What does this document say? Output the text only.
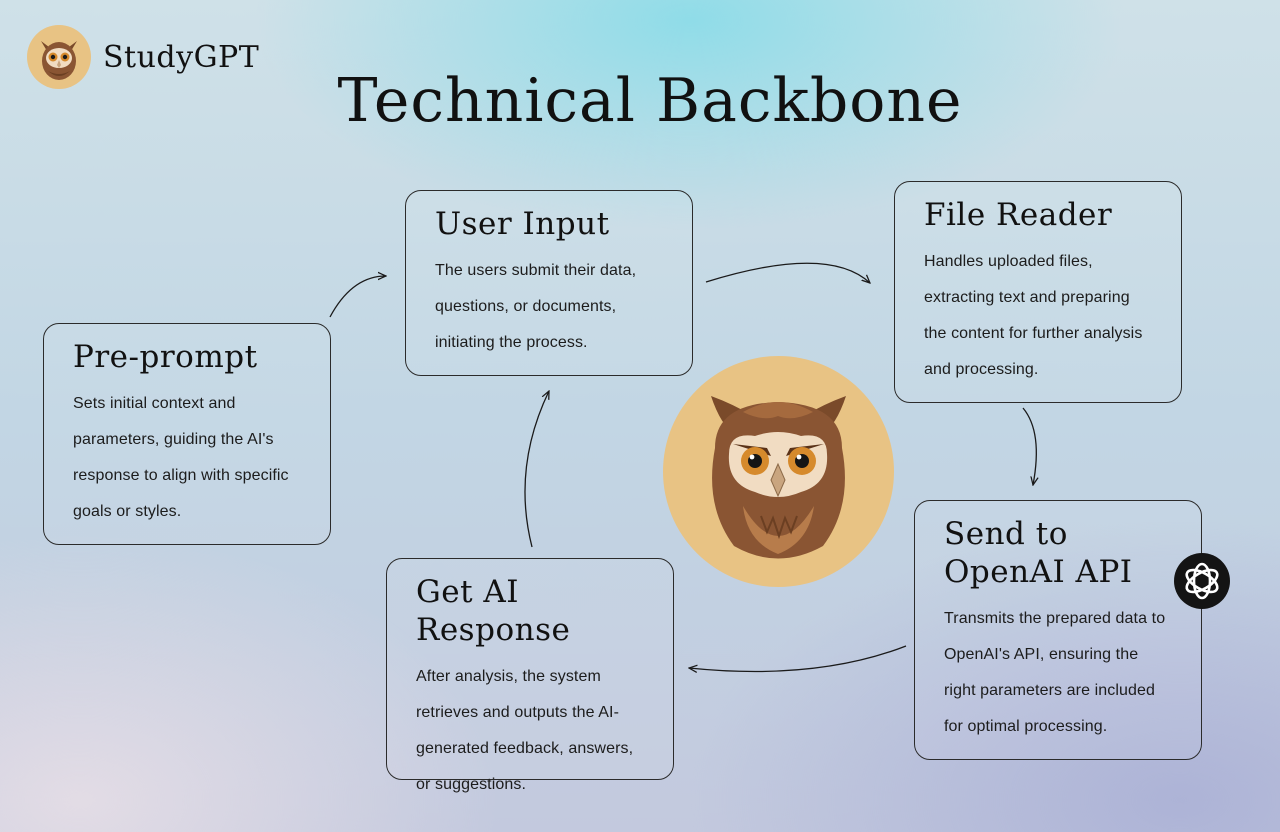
StudyGPT
Technical Backbone
Pre-prompt

Sets initial context and parameters, guiding the AI's response to align with specific goals or styles.

User Input

The users submit their data, questions, or documents, initiating the process.

File Reader

Handles uploaded files, extracting text and preparing the content for further analysis and processing.

Send to OpenAI API

Transmits the prepared data to OpenAI's API, ensuring the right parameters are included for optimal processing.

Get AI Response

After analysis, the system retrieves and outputs the AI-generated feedback, answers, or suggestions.
